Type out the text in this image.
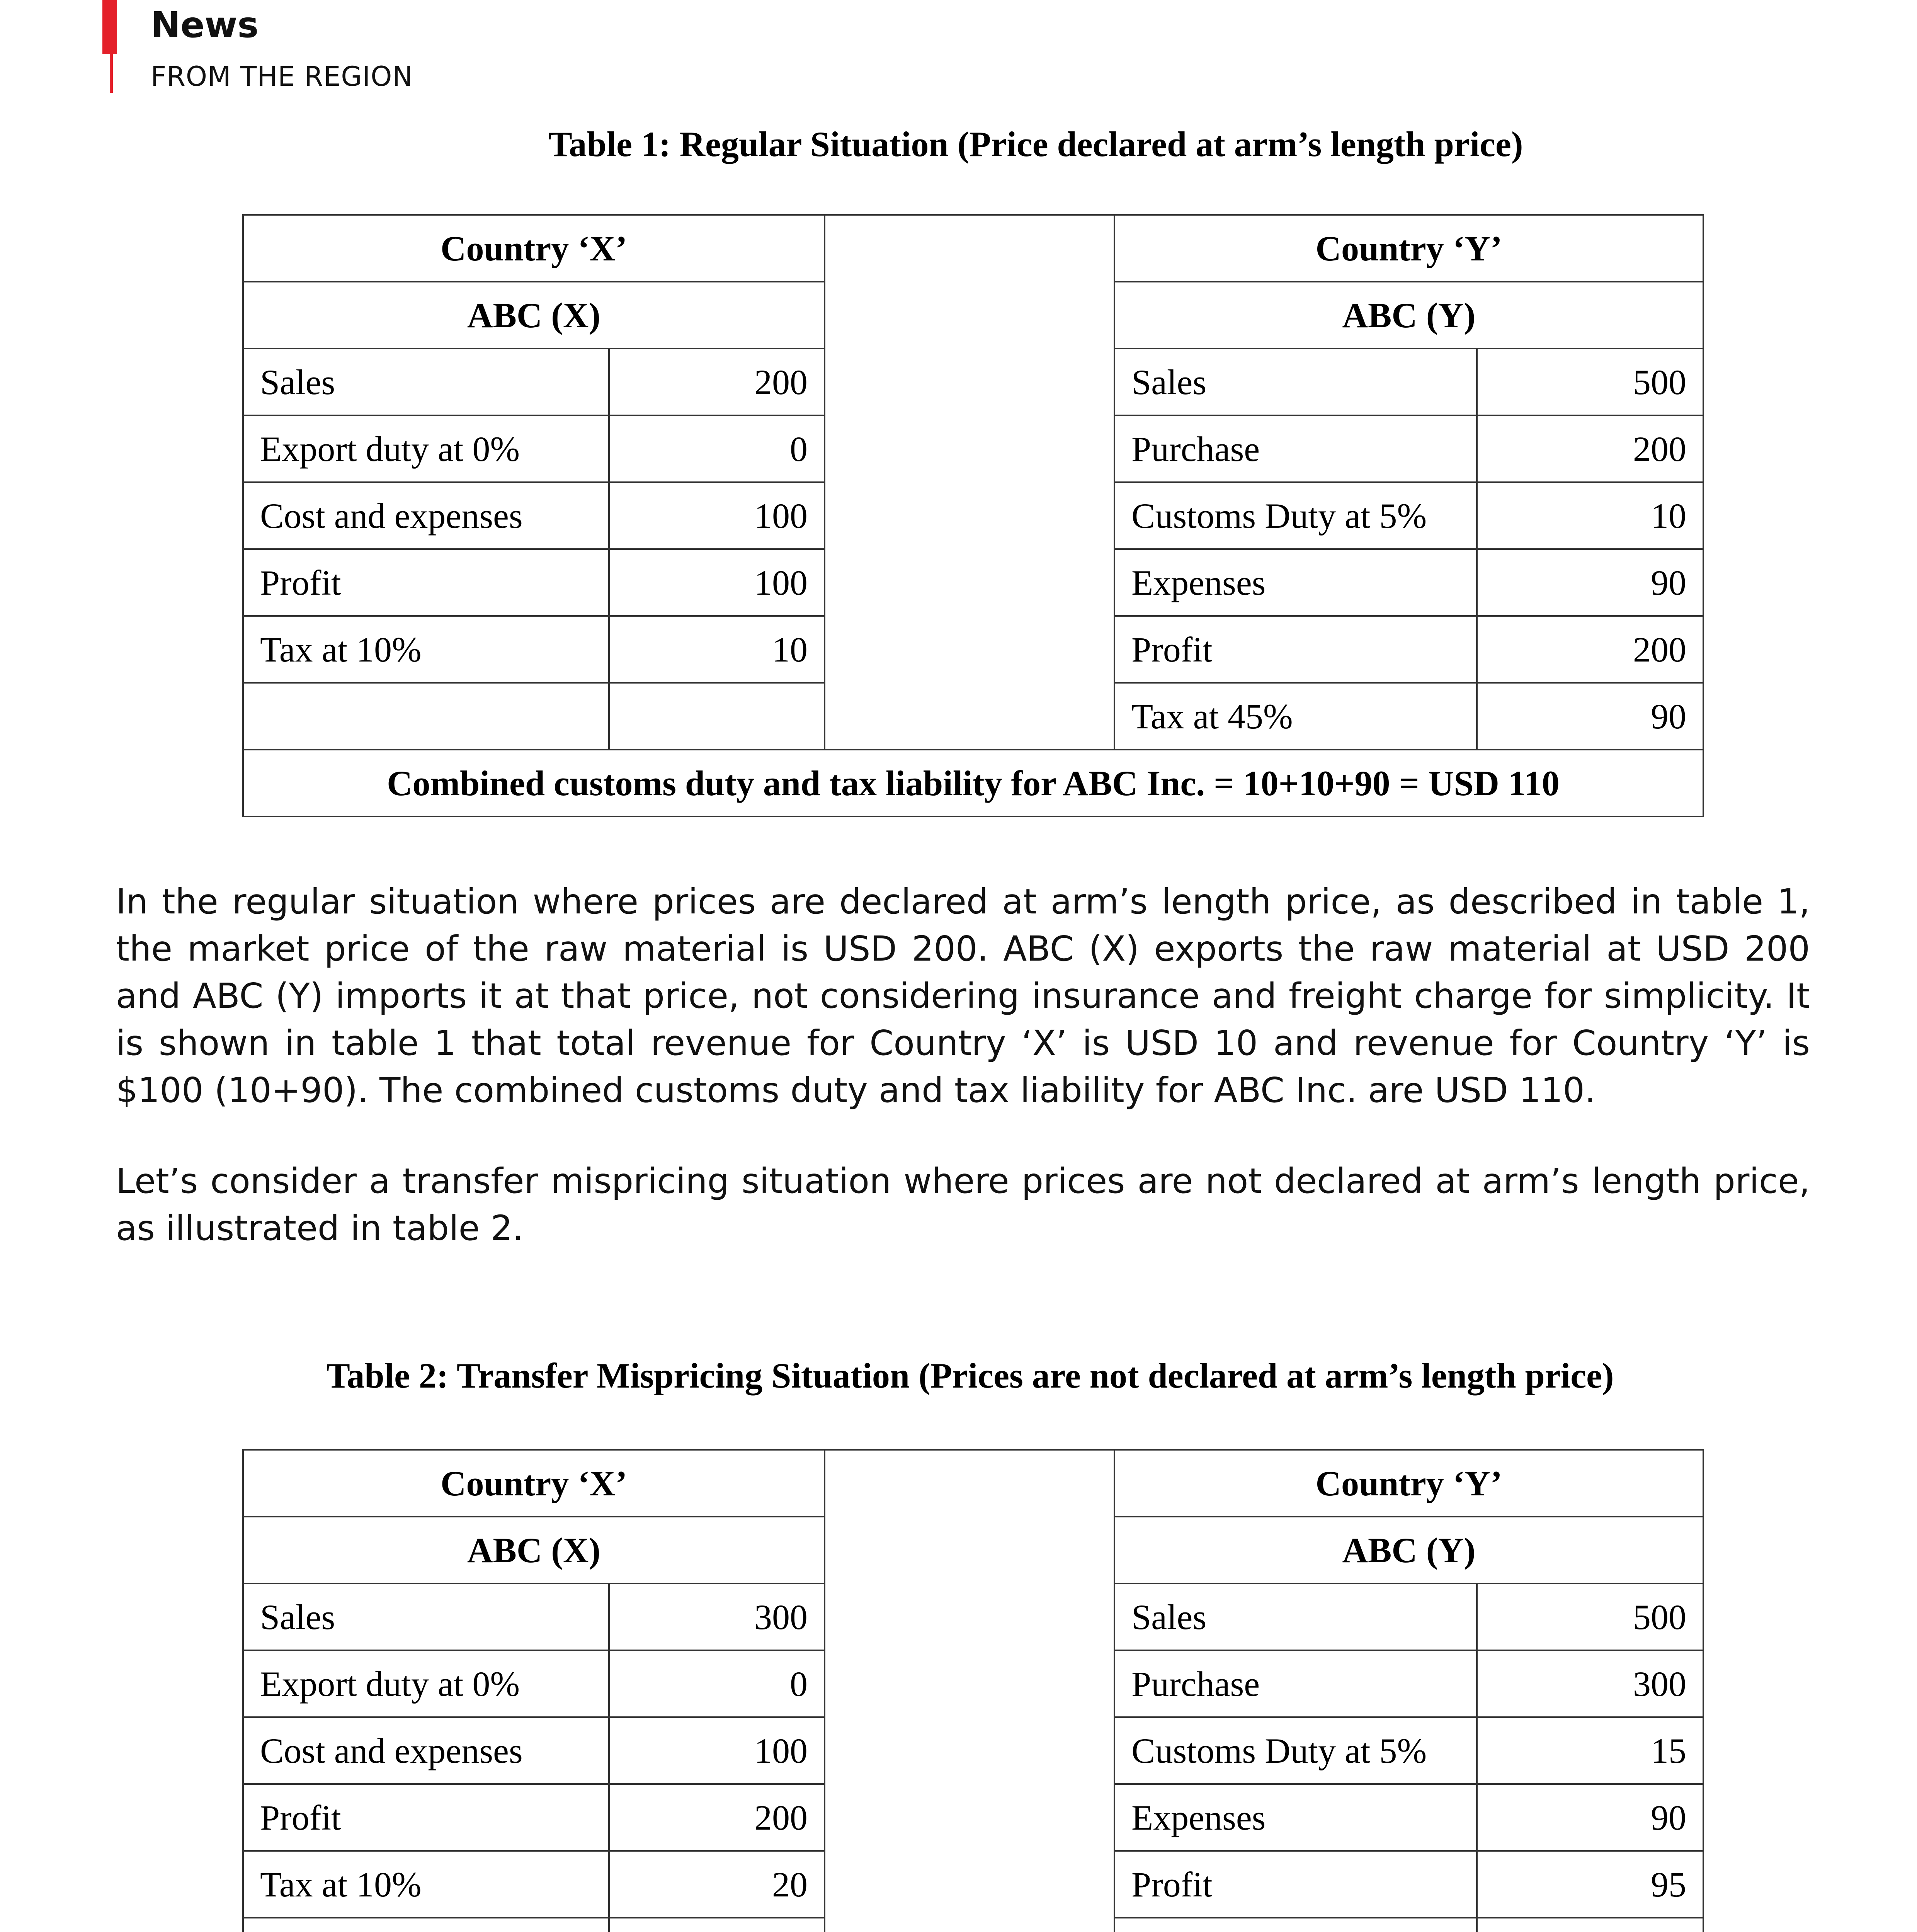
News
FROM THE REGION
Table 1: Regular Situation (Price declared at arm’s length price)
Country ‘X’			Country ‘Y’	
ABC (X)			ABC (Y)	
Sales	200		Sales	500
Export duty at 0%	0		Purchase	200
Cost and expenses	100		Customs Duty at 5%	10
Profit	100		Expenses	90
Tax at 10%	10		Profit	200
			Tax at 45%	90
Combined customs duty and tax liability for ABC Inc. = 10+10+90 = USD 110				

In the regular situation where prices are declared at arm’s length price, as described in table 1, the market price of the raw material is USD 200. ABC (X) exports the raw material at USD 200 and ABC (Y) imports it at that price, not considering insurance and freight charge for simplicity. It is shown in table 1 that total revenue for Country ‘X’ is USD 10 and revenue for Country ‘Y’ is $100 (10+90). The combined customs duty and tax liability for ABC Inc. are USD 110.

Let’s consider a transfer mispricing situation where prices are not declared at arm’s length price, as illustrated in table 2.

Table 2: Transfer Mispricing Situation (Prices are not declared at arm’s length price)
Country ‘X’			Country ‘Y’	
ABC (X)			ABC (Y)	
Sales	300		Sales	500
Export duty at 0%	0		Purchase	300
Cost and expenses	100		Customs Duty at 5%	15
Profit	200		Expenses	90
Tax at 10%	20		Profit	95
